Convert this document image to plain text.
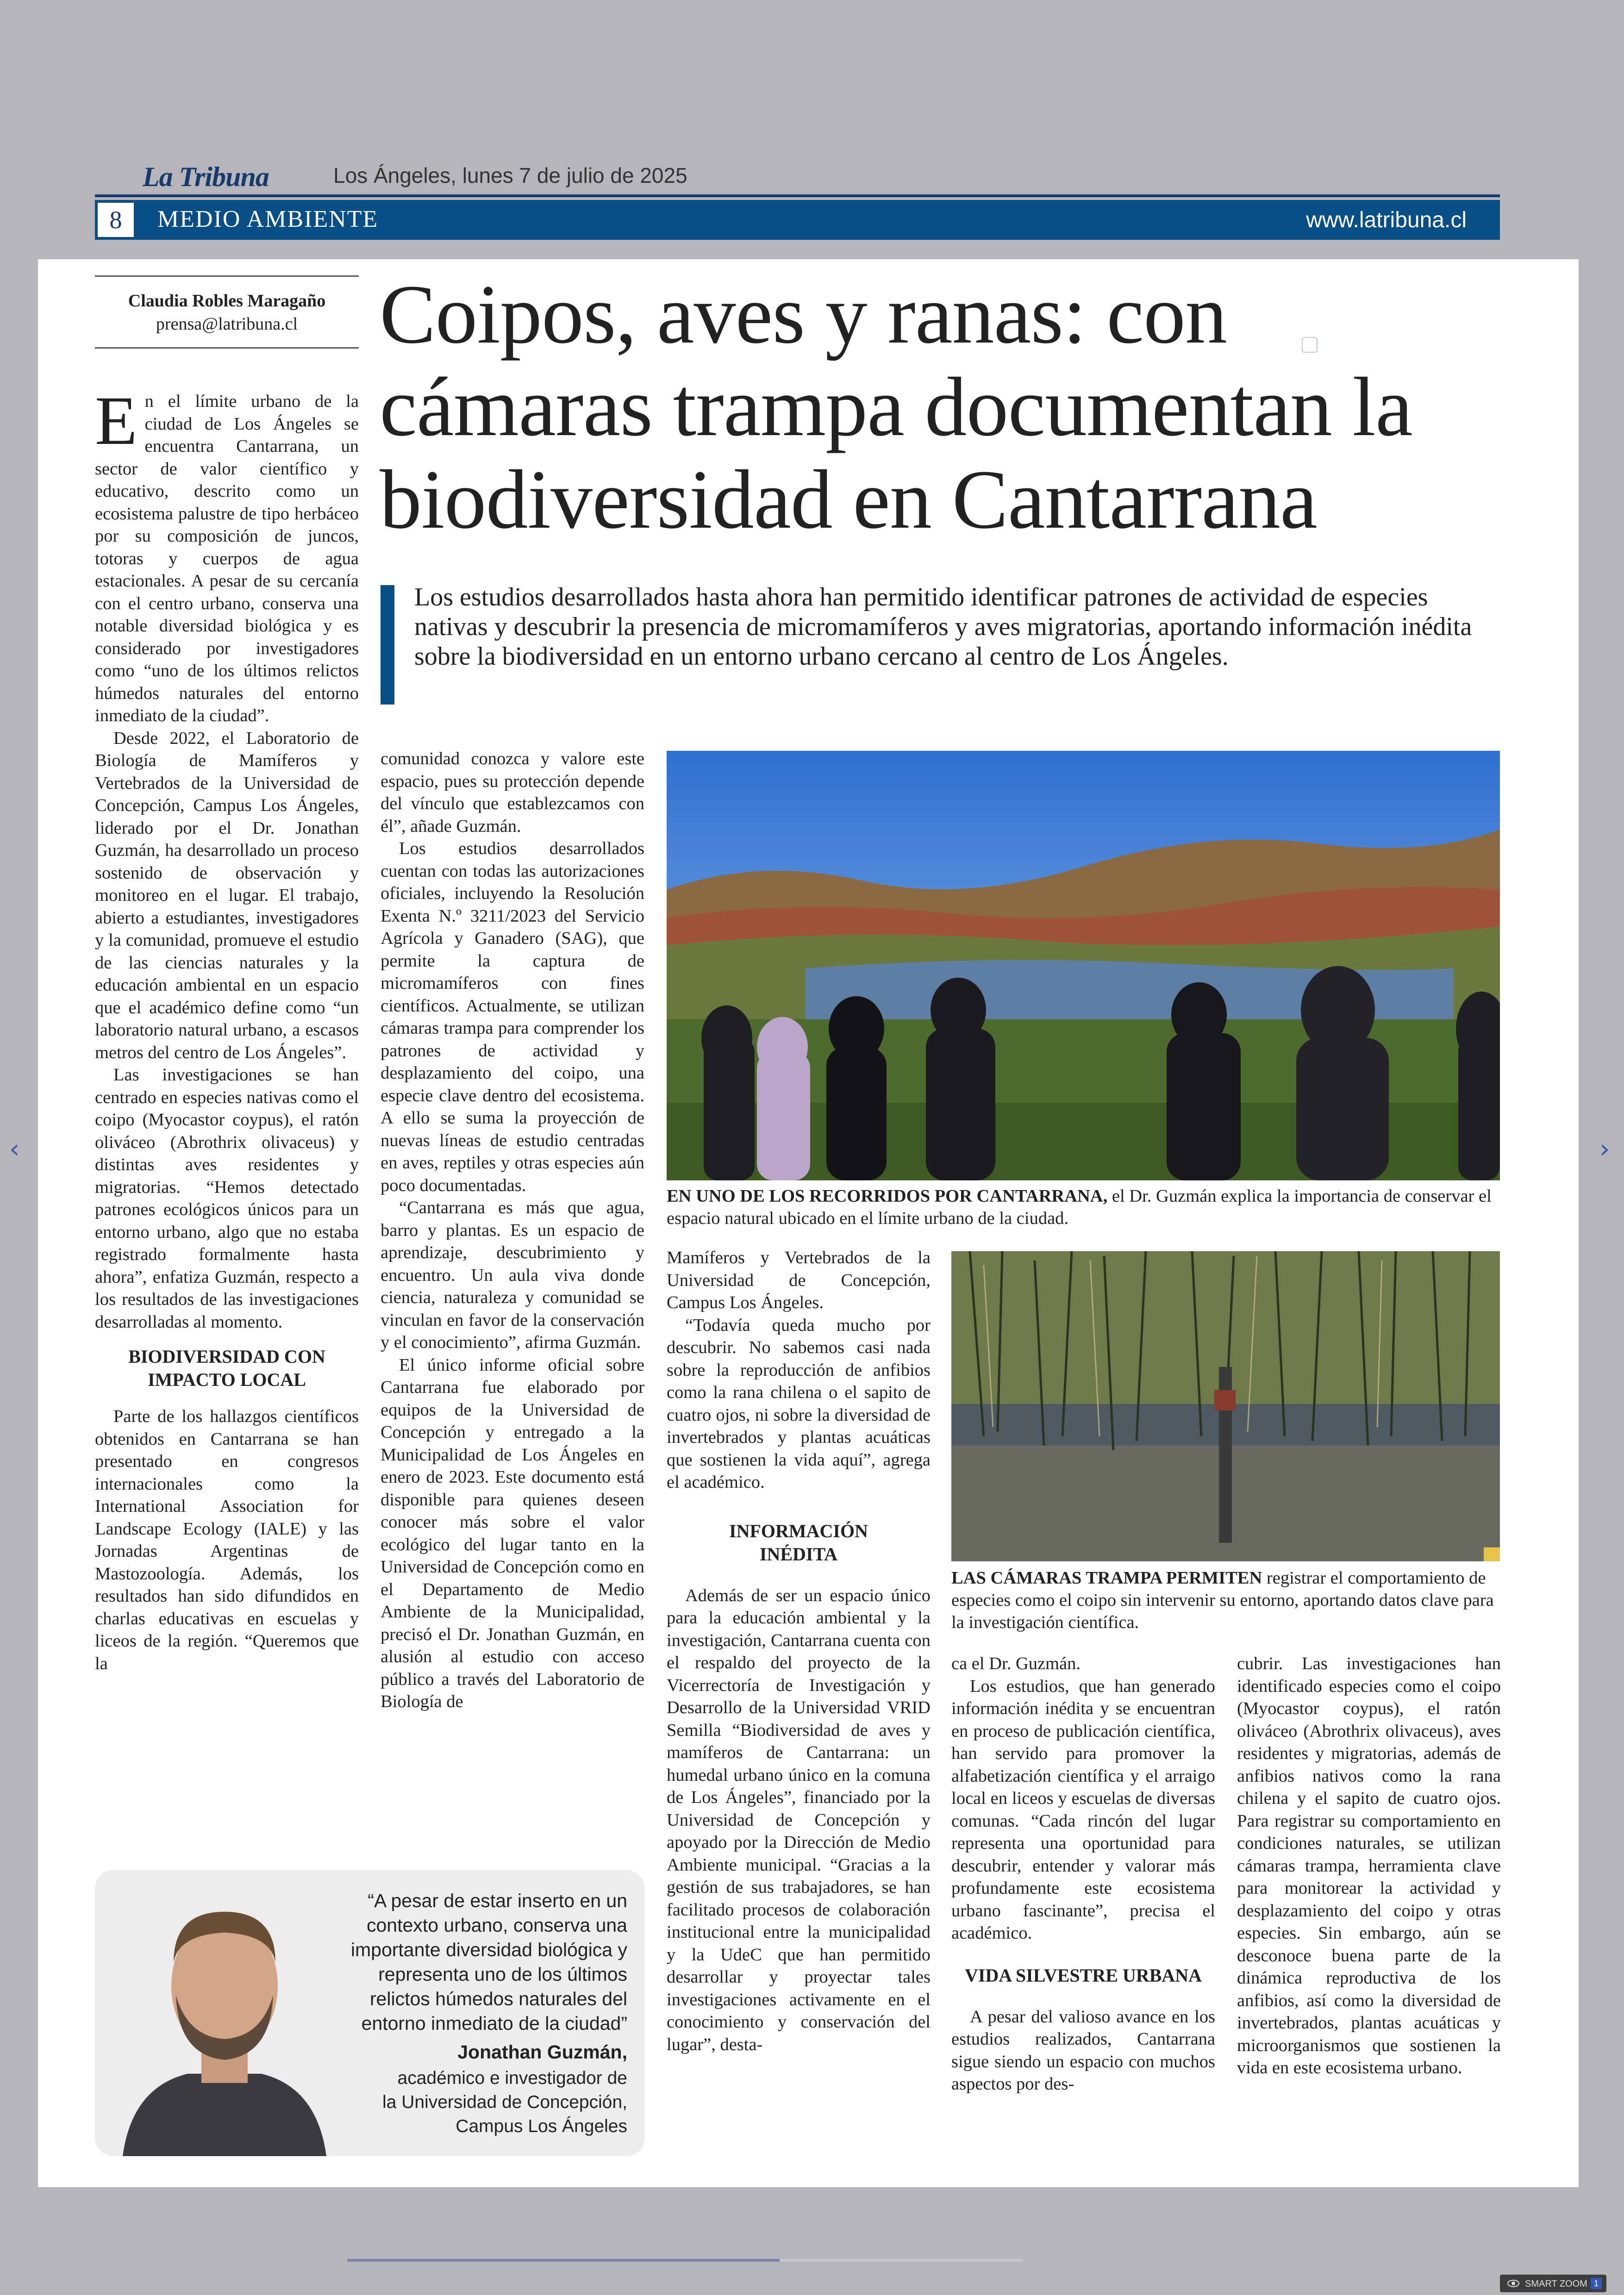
‹	›
La Tribuna	Los Ángeles, lunes 7 de julio de 2025
8	MEDIO AMBIENTE	www.latribuna.cl
Claudia Robles Maragaño
prensa@latribuna.cl Coipos, aves y ranas: con cámaras trampa documentan la biodiversidad en Cantarrana
Los estudios desarrollados hasta ahora han permitido identificar patrones de actividad de especies nativas y descubrir la presencia de micromamíferos y aves migratorias, aportando información inédita sobre la biodiversidad en un entorno urbano cercano al centro de Los Ángeles.

En el límite urbano de la ciudad de Los Ángeles se encuentra Cantarrana, un sector de valor científico y educativo, descrito como un ecosistema palustre de tipo herbáceo por su composición de juncos, totoras y cuerpos de agua estacionales. A pesar de su cercanía con el centro urbano, conserva una notable diversidad biológica y es considerado por investigadores como “uno de los últimos relictos húmedos naturales del entorno inmediato de la ciudad”.

Desde 2022, el Laboratorio de Biología de Mamíferos y Vertebrados de la Universidad de Concepción, Campus Los Ángeles, liderado por el Dr. Jonathan Guzmán, ha desarrollado un proceso sostenido de observación y monitoreo en el lugar. El trabajo, abierto a estudiantes, investigadores y la comunidad, promueve el estudio de las ciencias naturales y la educación ambiental en un espacio que el académico define como “un laboratorio natural urbano, a escasos metros del centro de Los Ángeles”.

Las investigaciones se han centrado en especies nativas como el coipo (Myocastor coypus), el ratón oliváceo (Abrothrix olivaceus) y distintas aves residentes y migratorias. “Hemos detectado patrones ecológicos únicos para un entorno urbano, algo que no estaba registrado formalmente hasta ahora”, enfatiza Guzmán, respecto a los resultados de las investigaciones desarrolladas al momento.

BIODIVERSIDAD CON IMPACTO LOCAL

Parte de los hallazgos científicos obtenidos en Cantarrana se han presentado en congresos internacionales como la International Association for Landscape Ecology (IALE) y las Jornadas Argentinas de Mastozoología. Además, los resultados han sido difundidos en charlas educativas en escuelas y liceos de la región. “Queremos que la

comunidad conozca y valore este espacio, pues su protección depende del vínculo que establezcamos con él”, añade Guzmán.

Los estudios desarrollados cuentan con todas las autorizaciones oficiales, incluyendo la Resolución Exenta N.º 3211/2023 del Servicio Agrícola y Ganadero (SAG), que permite la captura de micromamíferos con fines científicos. Actualmente, se utilizan cámaras trampa para comprender los patrones de actividad y desplazamiento del coipo, una especie clave dentro del ecosistema. A ello se suma la proyección de nuevas líneas de estudio centradas en aves, reptiles y otras especies aún poco documentadas.

“Cantarrana es más que agua, barro y plantas. Es un espacio de aprendizaje, descubrimiento y encuentro. Un aula viva donde ciencia, naturaleza y comunidad se vinculan en favor de la conservación y el conocimiento”, afirma Guzmán.

El único informe oficial sobre Cantarrana fue elaborado por equipos de la Universidad de Concepción y entregado a la Municipalidad de Los Ángeles en enero de 2023. Este documento está disponible para quienes deseen conocer más sobre el valor ecológico del lugar tanto en la Universidad de Concepción como en el Departamento de Medio Ambiente de la Municipalidad, precisó el Dr. Jonathan Guzmán, en alusión al estudio con acceso público a través del Laboratorio de Biología de

EN UNO DE LOS RECORRIDOS POR CANTARRANA, el Dr. Guzmán explica la importancia de conservar el espacio natural ubicado en el límite urbano de la ciudad.

Mamíferos y Vertebrados de la Universidad de Concepción, Campus Los Ángeles.

“Todavía queda mucho por descubrir. No sabemos casi nada sobre la reproducción de anfibios como la rana chilena o el sapito de cuatro ojos, ni sobre la diversidad de invertebrados y plantas acuáticas que sostienen la vida aquí”, agrega el académico.

INFORMACIÓN INÉDITA

Además de ser un espacio único para la educación ambiental y la investigación, Cantarrana cuenta con el respaldo del proyecto de la Vicerrectoría de Investigación y Desarrollo de la Universidad VRID Semilla “Biodiversidad de aves y mamíferos de Cantarrana: un humedal urbano único en la comuna de Los Ángeles”, financiado por la Universidad de Concepción y apoyado por la Dirección de Medio Ambiente municipal. “Gracias a la gestión de sus trabajadores, se han facilitado procesos de colaboración institucional entre la municipalidad y la UdeC que han permitido desarrollar y proyectar tales investigaciones activamente en el conocimiento y conservación del lugar”, desta-

LAS CÁMARAS TRAMPA PERMITEN registrar el comportamiento de especies como el coipo sin intervenir su entorno, aportando datos clave para la investigación científica.

ca el Dr. Guzmán.

Los estudios, que han generado información inédita y se encuentran en proceso de publicación científica, han servido para promover la alfabetización científica y el arraigo local en liceos y escuelas de diversas comunas. “Cada rincón del lugar representa una oportunidad para descubrir, entender y valorar más profundamente este ecosistema urbano fascinante”, precisa el académico.

VIDA SILVESTRE URBANA

A pesar del valioso avance en los estudios realizados, Cantarrana sigue siendo un espacio con muchos aspectos por des-

cubrir. Las investigaciones han identificado especies como el coipo (Myocastor coypus), el ratón oliváceo (Abrothrix olivaceus), aves residentes y migratorias, además de anfibios nativos como la rana chilena y el sapito de cuatro ojos. Para registrar su comportamiento en condiciones naturales, se utilizan cámaras trampa, herramienta clave para monitorear la actividad y desplazamiento del coipo y otras especies. Sin embargo, aún se desconoce buena parte de la dinámica reproductiva de los anfibios, así como la diversidad de invertebrados, plantas acuáticas y microorganismos que sostienen la vida en este ecosistema urbano.

“A pesar de estar inserto en un contexto urbano, conserva una importante diversidad biológica y representa uno de los últimos relictos húmedos naturales del entorno inmediato de la ciudad”
Jonathan Guzmán,
académico e investigador de
la Universidad de Concepción,
Campus Los Ángeles
SMART ZOOM 1
